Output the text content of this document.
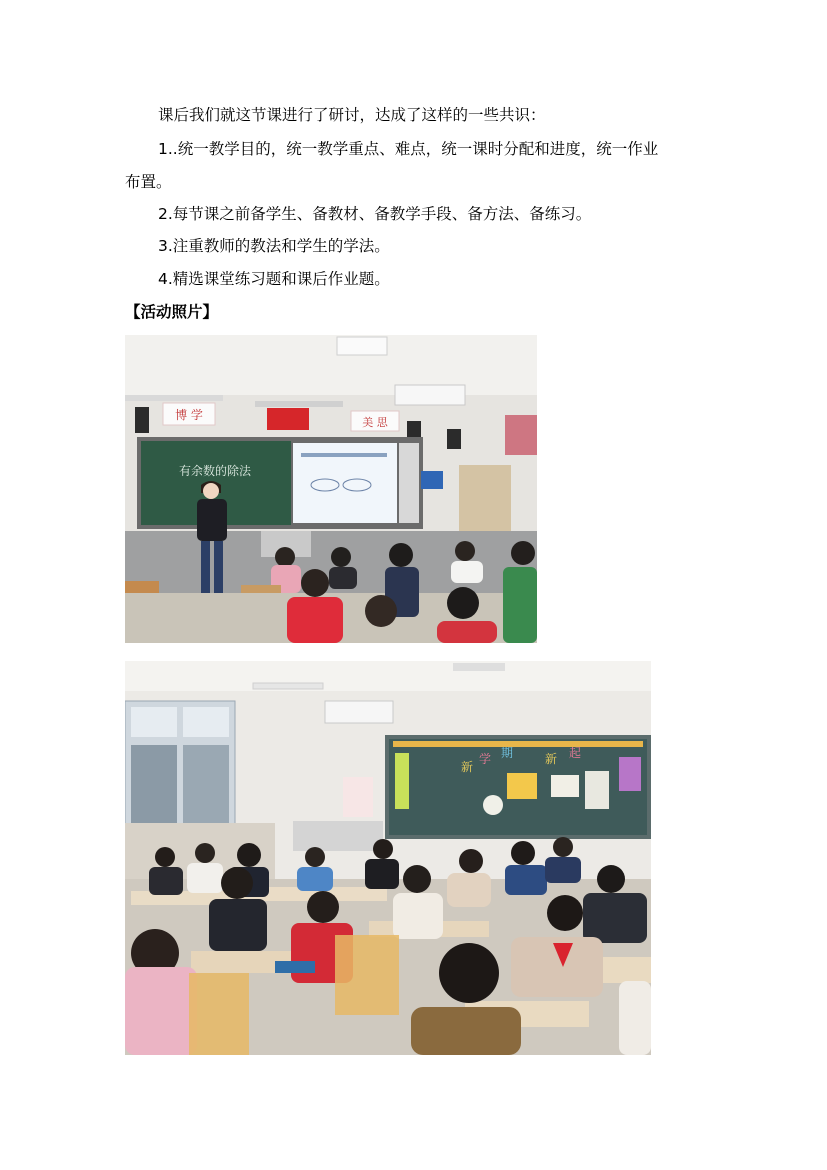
课后我们就这节课进行了研讨，达成了这样的一些共识：
1..统一教学目的，统一教学重点、难点，统一课时分配和进度，统一作业
布置。
2.每节课之前备学生、备教材、备教学手段、备方法、备练习。
3.注重教师的教法和学生的学法。
4.精选课堂练习题和课后作业题。
【活动照片】
博 学
美 思
有余数的除法
新
学 期	新 起
